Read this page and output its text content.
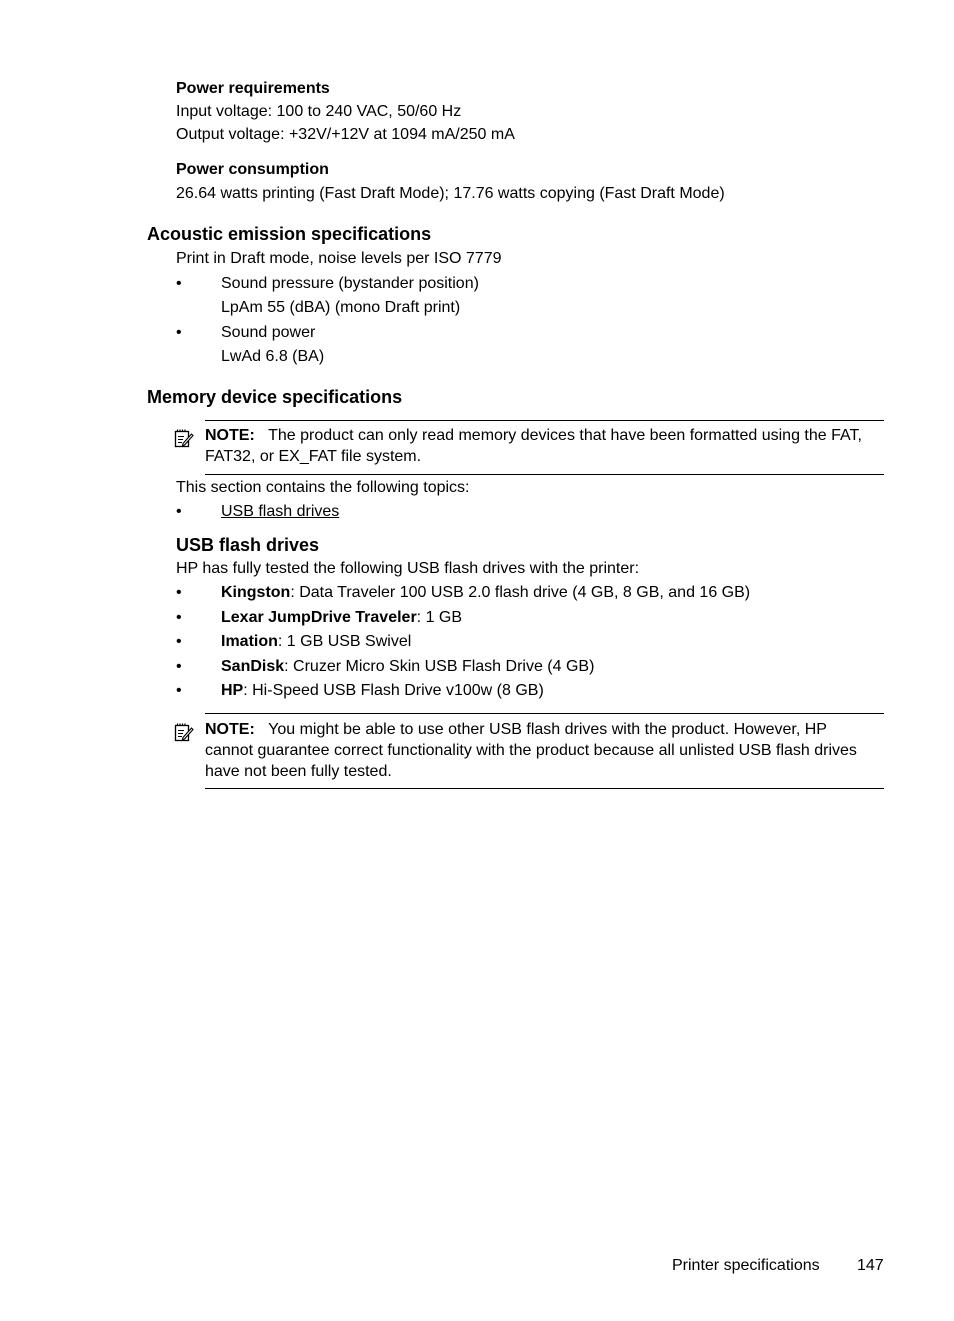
Power requirements
Input voltage: 100 to 240 VAC, 50/60 Hz
Output voltage: +32V/+12V at 1094 mA/250 mA
Power consumption
26.64 watts printing (Fast Draft Mode); 17.76 watts copying (Fast Draft Mode)
Acoustic emission specifications
Print in Draft mode, noise levels per ISO 7779
• Sound pressure (bystander position)
LpAm 55 (dBA) (mono Draft print)
• Sound power
LwAd 6.8 (BA)
Memory device specifications
NOTE: The product can only read memory devices that have been formatted using the FAT, FAT32, or EX_FAT file system.
This section contains the following topics:
• USB flash drives
USB flash drives
HP has fully tested the following USB flash drives with the printer:
• Kingston: Data Traveler 100 USB 2.0 flash drive (4 GB, 8 GB, and 16 GB)
• Lexar JumpDrive Traveler: 1 GB
• Imation: 1 GB USB Swivel
• SanDisk: Cruzer Micro Skin USB Flash Drive (4 GB)
• HP: Hi-Speed USB Flash Drive v100w (8 GB)
NOTE: You might be able to use other USB flash drives with the product. However, HP cannot guarantee correct functionality with the product because all unlisted USB flash drives have not been fully tested.
Printer specifications 147
